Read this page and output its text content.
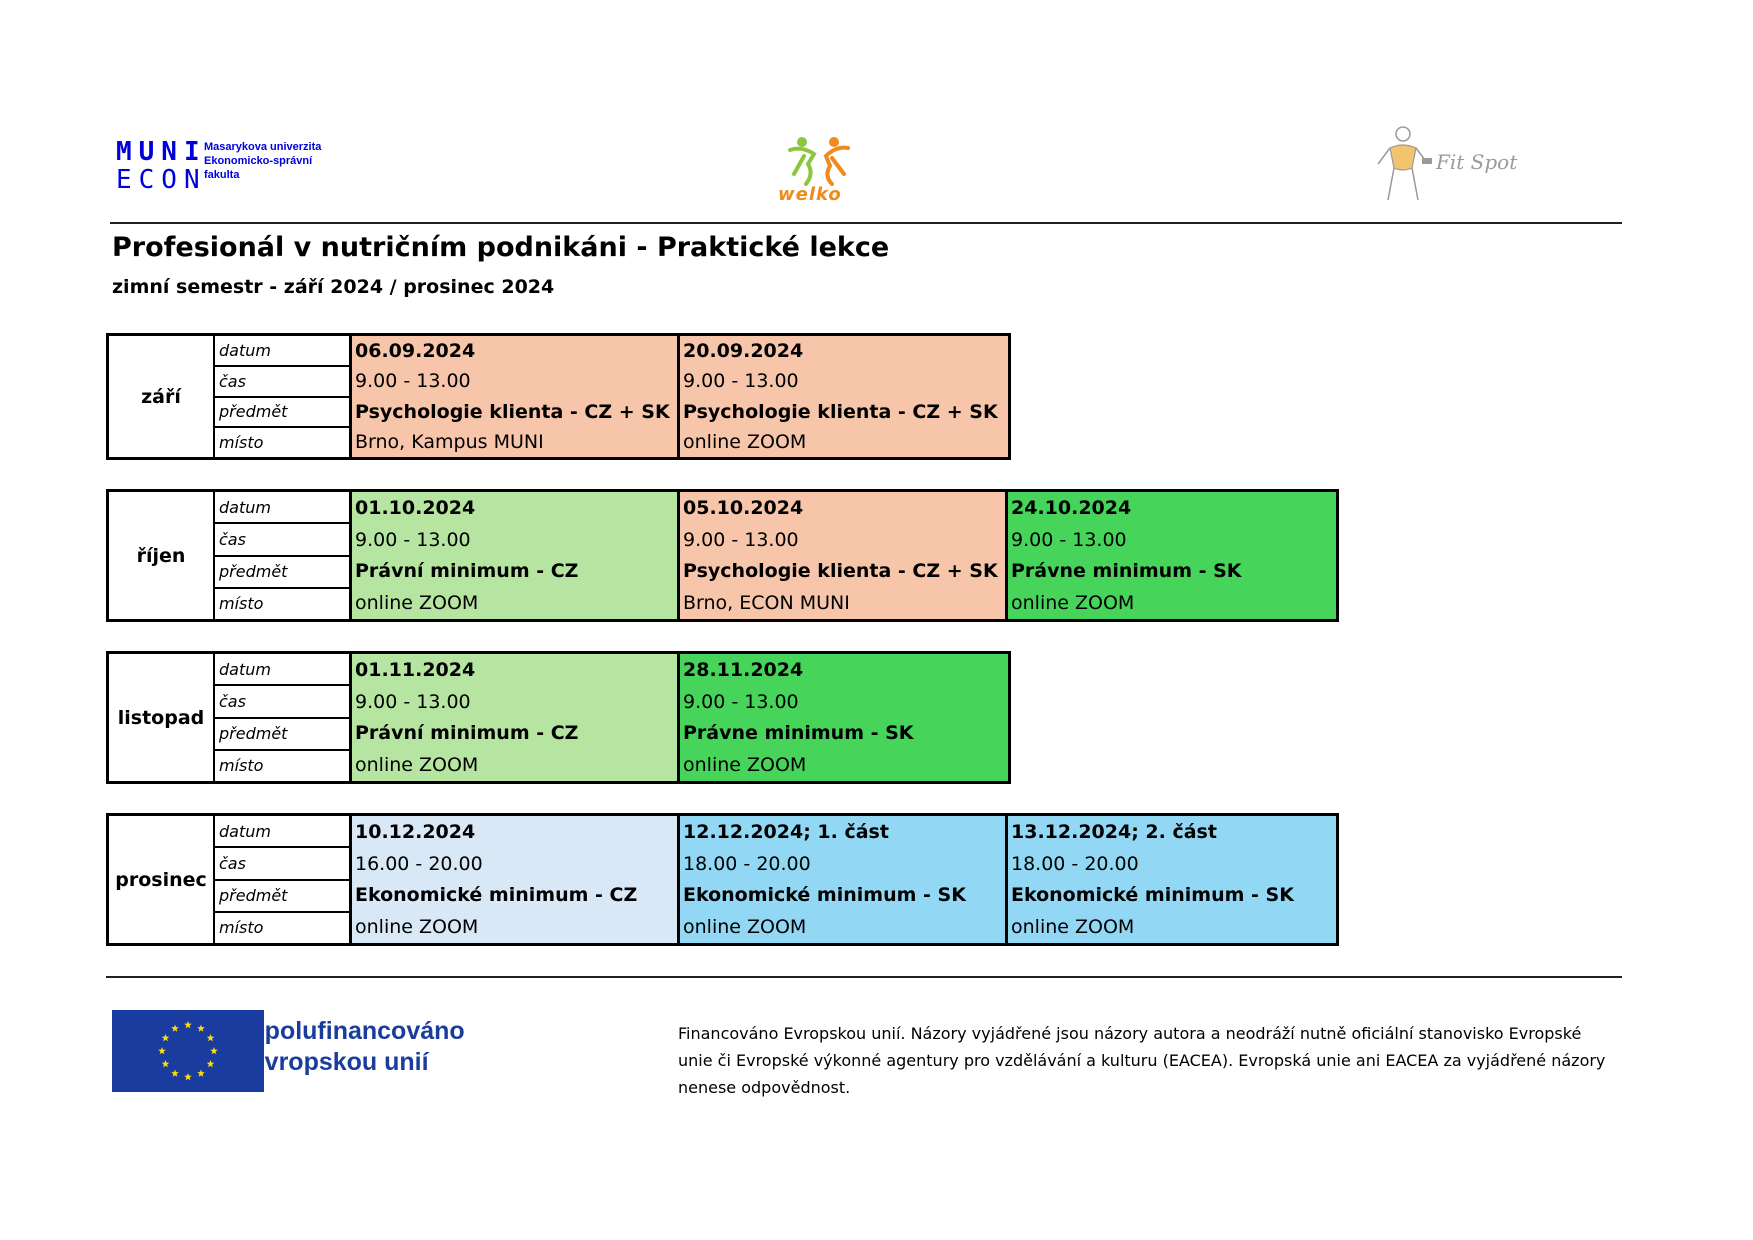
MUNI
ECON
Masarykova univerzita
Ekonomicko-správní
fakulta
welko
Fit Spot
Profesionál v nutričním podnikáni - Praktické lekce
zimní semestr - září 2024 / prosinec 2024
září
datum
čas
předmět
místo
06.09.2024
9.00 - 13.00
Psychologie klienta - CZ + SK
Brno, Kampus MUNI
20.09.2024
9.00 - 13.00
Psychologie klienta - CZ + SK
online ZOOM
říjen
datum
čas
předmět
místo
01.10.2024
9.00 - 13.00
Právní minimum - CZ
online ZOOM
05.10.2024
9.00 - 13.00
Psychologie klienta - CZ + SK
Brno, ECON MUNI
24.10.2024
9.00 - 13.00
Právne minimum - SK
online ZOOM
listopad
datum
čas
předmět
místo
01.11.2024
9.00 - 13.00
Právní minimum - CZ
online ZOOM
28.11.2024
9.00 - 13.00
Právne minimum - SK
online ZOOM
prosinec
datum
čas
předmět
místo
10.12.2024
16.00 - 20.00
Ekonomické minimum - CZ
online ZOOM
12.12.2024; 1. část
18.00 - 20.00
Ekonomické minimum - SK
online ZOOM
13.12.2024; 2. část
18.00 - 20.00
Ekonomické minimum - SK
online ZOOM
Spolufinancováno
Evropskou unií
Financováno Evropskou unií. Názory vyjádřené jsou názory autora a neodráží nutně oficiální stanovisko Evropské unie či Evropské výkonné agentury pro vzdělávání a kulturu (EACEA). Evropská unie ani EACEA za vyjádřené názory nenese odpovědnost.
